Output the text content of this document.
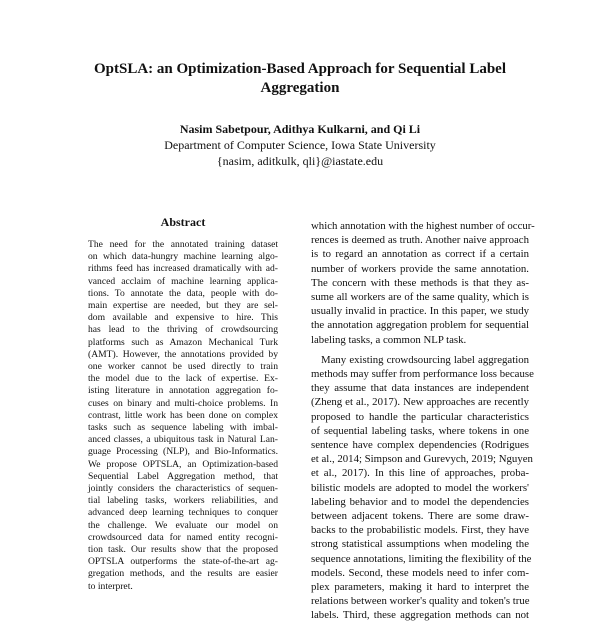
OptSLA: an Optimization-Based Approach for Sequential Label
Aggregation
Nasim Sabetpour, Adithya Kulkarni, and Qi Li
Department of Computer Science, Iowa State University
{nasim, aditkulk, qli}@iastate.edu
Abstract
The need for the annotated training dataset
on which data-hungry machine learning algo-
rithms feed has increased dramatically with ad-
vanced acclaim of machine learning applica-
tions. To annotate the data, people with do-
main expertise are needed, but they are sel-
dom available and expensive to hire. This
has lead to the thriving of crowdsourcing
platforms such as Amazon Mechanical Turk
(AMT). However, the annotations provided by
one worker cannot be used directly to train
the model due to the lack of expertise. Ex-
isting literature in annotation aggregation fo-
cuses on binary and multi-choice problems. In
contrast, little work has been done on complex
tasks such as sequence labeling with imbal-
anced classes, a ubiquitous task in Natural Lan-
guage Processing (NLP), and Bio-Informatics.
We propose OPTSLA, an Optimization-based
Sequential Label Aggregation method, that
jointly considers the characteristics of sequen-
tial labeling tasks, workers reliabilities, and
advanced deep learning techniques to conquer
the challenge. We evaluate our model on
crowdsourced data for named entity recogni-
tion task. Our results show that the proposed
OPTSLA outperforms the state-of-the-art ag-
gregation methods, and the results are easier
to interpret.
which annotation with the highest number of occur-
rences is deemed as truth. Another naive approach
is to regard an annotation as correct if a certain
number of workers provide the same annotation.
The concern with these methods is that they as-
sume all workers are of the same quality, which is
usually invalid in practice. In this paper, we study
the annotation aggregation problem for sequential
labeling tasks, a common NLP task.
Many existing crowdsourcing label aggregation
methods may suffer from performance loss because
they assume that data instances are independent
(Zheng et al., 2017). New approaches are recently
proposed to handle the particular characteristics
of sequential labeling tasks, where tokens in one
sentence have complex dependencies (Rodrigues
et al., 2014; Simpson and Gurevych, 2019; Nguyen
et al., 2017). In this line of approaches, proba-
bilistic models are adopted to model the workers'
labeling behavior and to model the dependencies
between adjacent tokens. There are some draw-
backs to the probabilistic models. First, they have
strong statistical assumptions when modeling the
sequence annotations, limiting the flexibility of the
models. Second, these models need to infer com-
plex parameters, making it hard to interpret the
relations between worker's quality and token's true
labels. Third, these aggregation methods can not
